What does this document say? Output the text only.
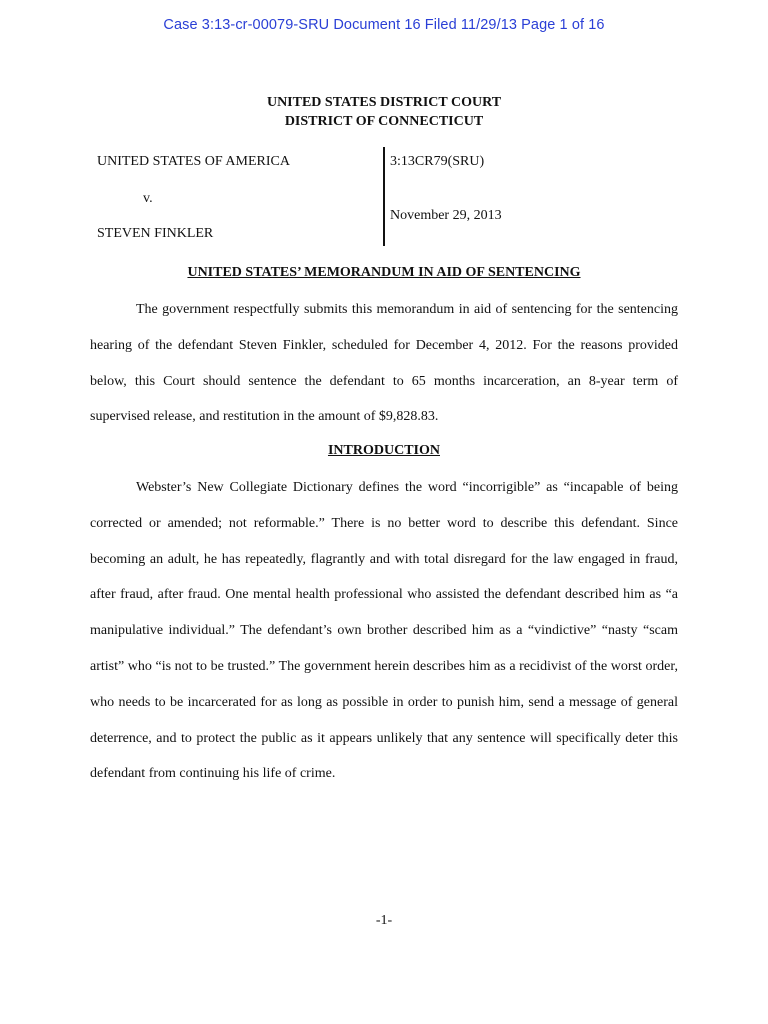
Case 3:13-cr-00079-SRU Document 16 Filed 11/29/13 Page 1 of 16
UNITED STATES DISTRICT COURT
DISTRICT OF CONNECTICUT
UNITED STATES OF AMERICA
v.
STEVEN FINKLER
3:13CR79(SRU)
November 29, 2013
UNITED STATES’ MEMORANDUM IN AID OF SENTENCING

The government respectfully submits this memorandum in aid of sentencing for the sentencing hearing of the defendant Steven Finkler, scheduled for December 4, 2012. For the reasons provided below, this Court should sentence the defendant to 65 months incarceration, an 8-year term of supervised release, and restitution in the amount of $9,828.83.

INTRODUCTION

Webster’s New Collegiate Dictionary defines the word “incorrigible” as “incapable of being corrected or amended; not reformable.” There is no better word to describe this defendant. Since becoming an adult, he has repeatedly, flagrantly and with total disregard for the law engaged in fraud, after fraud, after fraud. One mental health professional who assisted the defendant described him as “a manipulative individual.” The defendant’s own brother described him as a “vindictive” “nasty “scam artist” who “is not to be trusted.” The government herein describes him as a recidivist of the worst order, who needs to be incarcerated for as long as possible in order to punish him, send a message of general deterrence, and to protect the public as it appears unlikely that any sentence will specifically deter this defendant from continuing his life of crime.

-1-
